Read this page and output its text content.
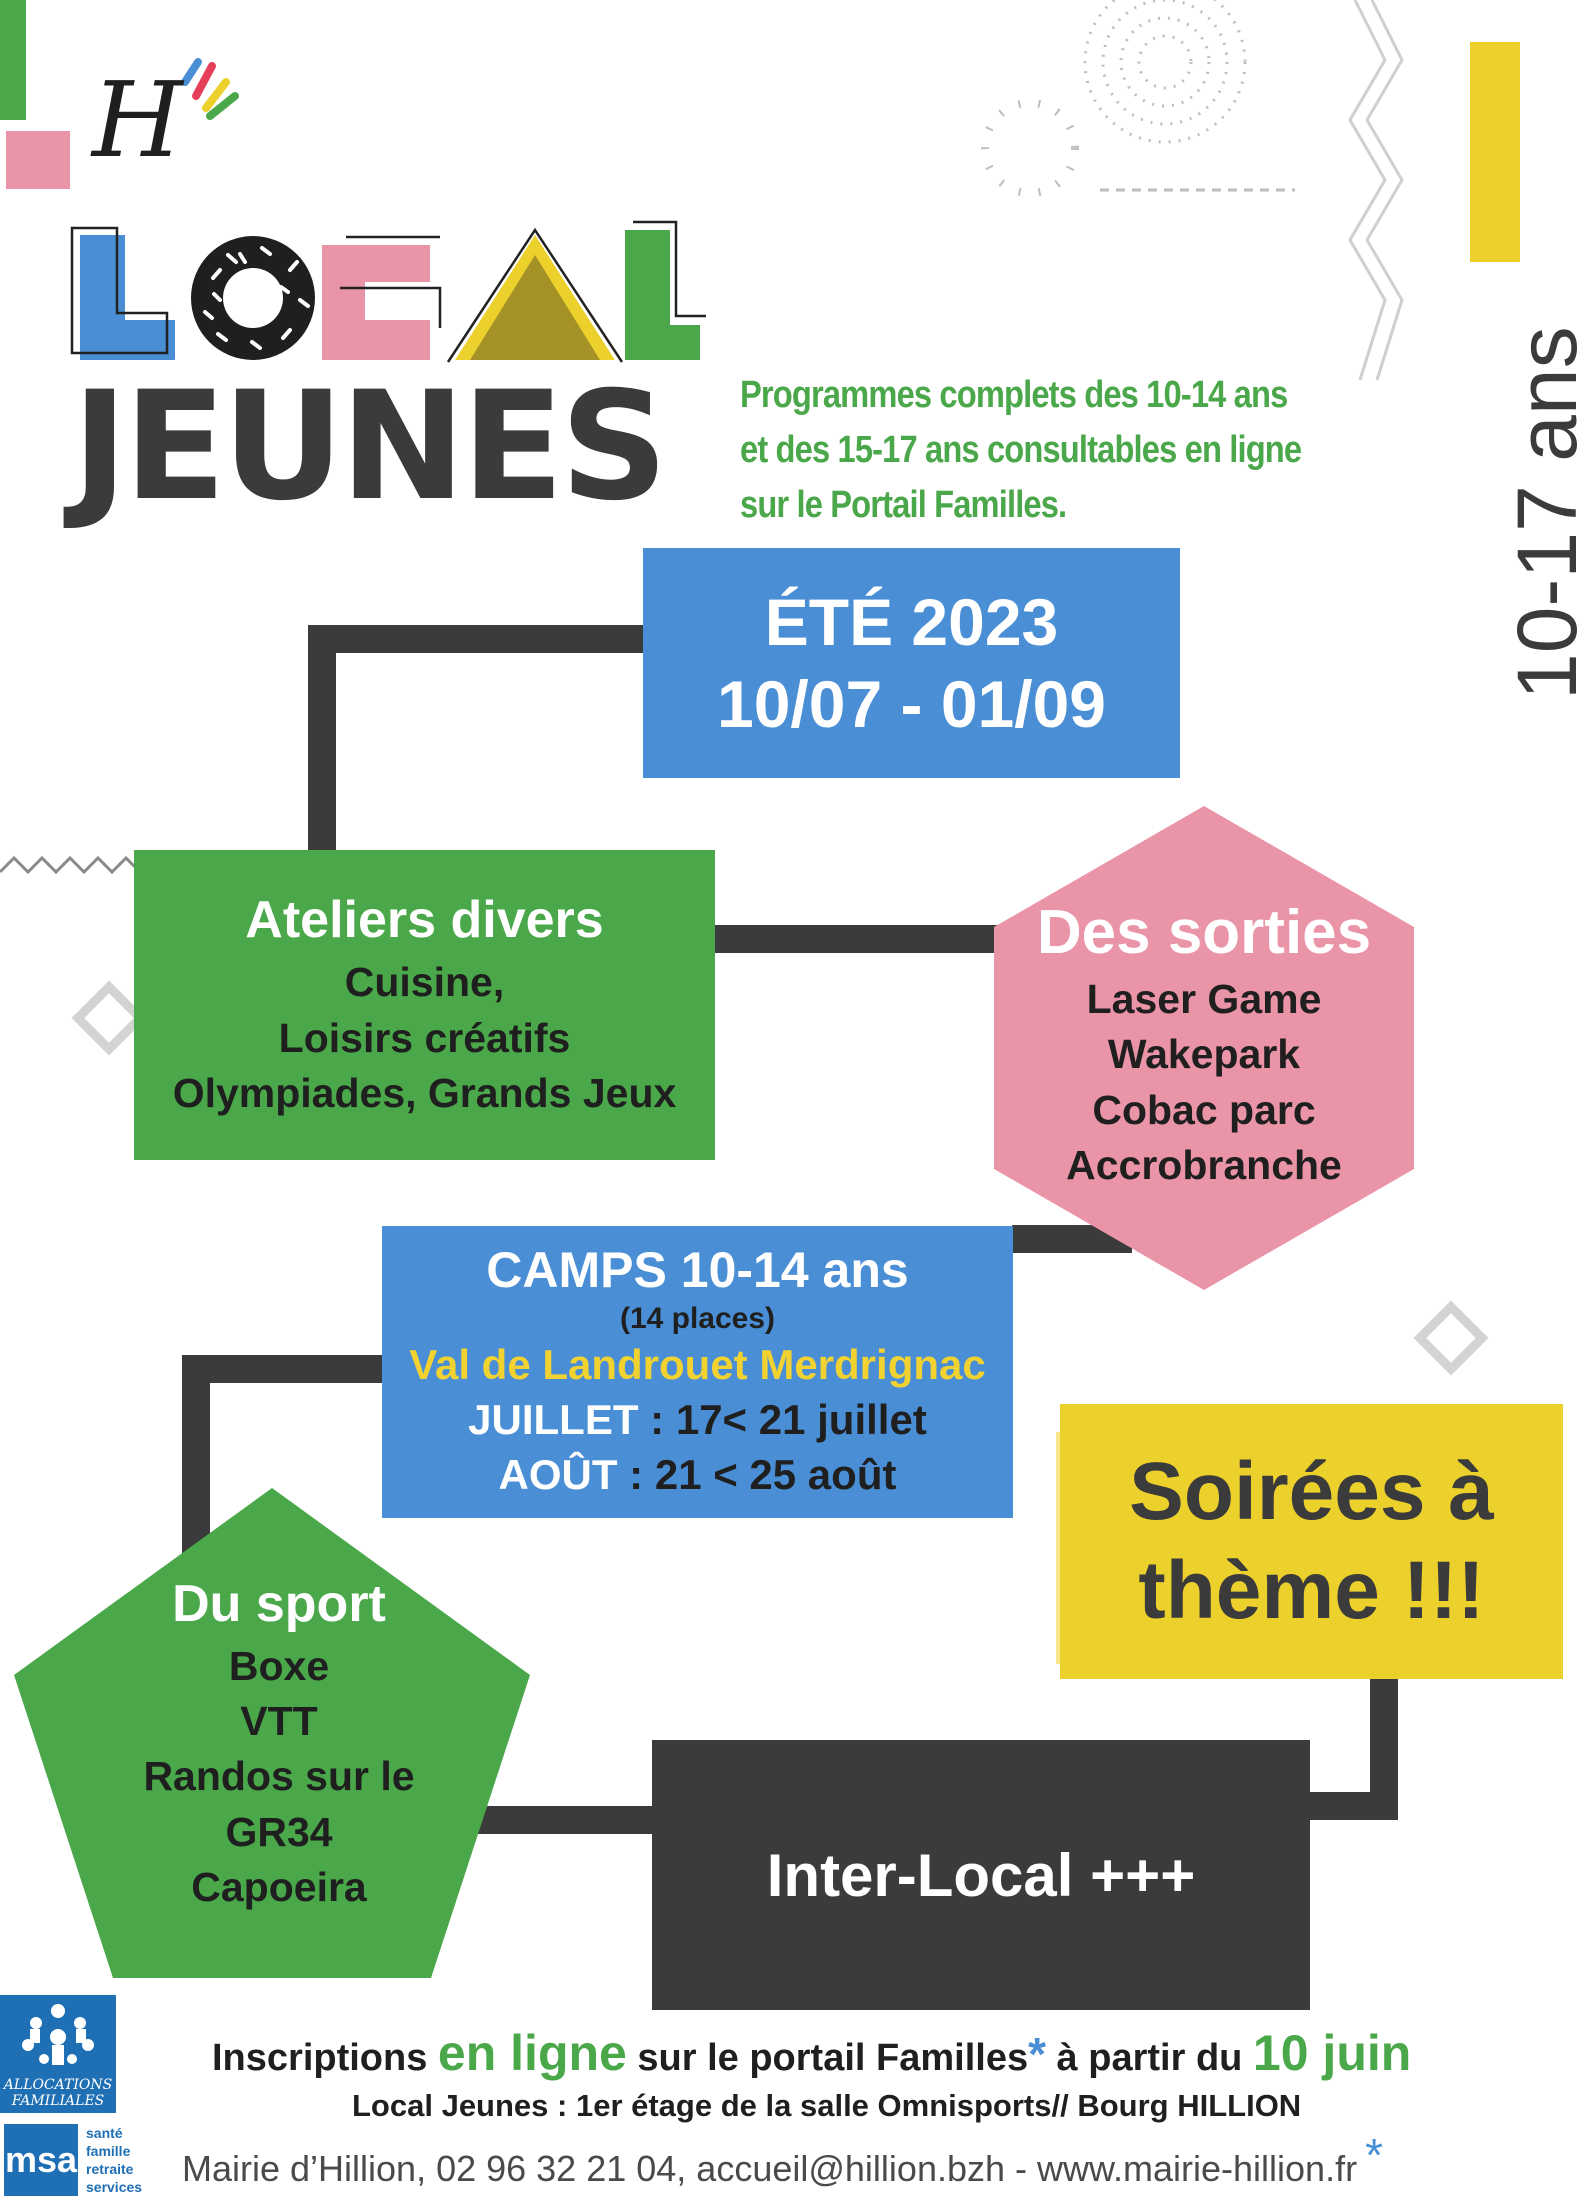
H
JEUNES Programmes complets des 10-14 ans
et des 15-17 ans consultables en ligne
sur le Portail Familles.	10-17 ans
ÉTÉ 2023
10/07 - 01/09
Ateliers divers
Cuisine,
Loisirs créatifs
Olympiades, Grands Jeux
Des sorties
Laser Game
Wakepark
Cobac parc
Accrobranche
CAMPS 10-14 ans
(14 places)
Val de Landrouet Merdrignac
JUILLET : 17< 21 juillet
AOÛT : 21 < 25 août	Soirées à
thème !!!
Du sport
Boxe
VTT
Randos sur le
GR34
Capoeira	Inter-Local +++
ALLOCATIONS FAMILIALES
msa
santé
famille
retraite
services
Inscriptions en ligne sur le portail Familles* à partir du 10 juin
Local Jeunes : 1er étage de la salle Omnisports// Bourg HILLION
Mairie d’Hillion, 02 96 32 21 04, accueil@hillion.bzh - www.mairie-hillion.fr *
